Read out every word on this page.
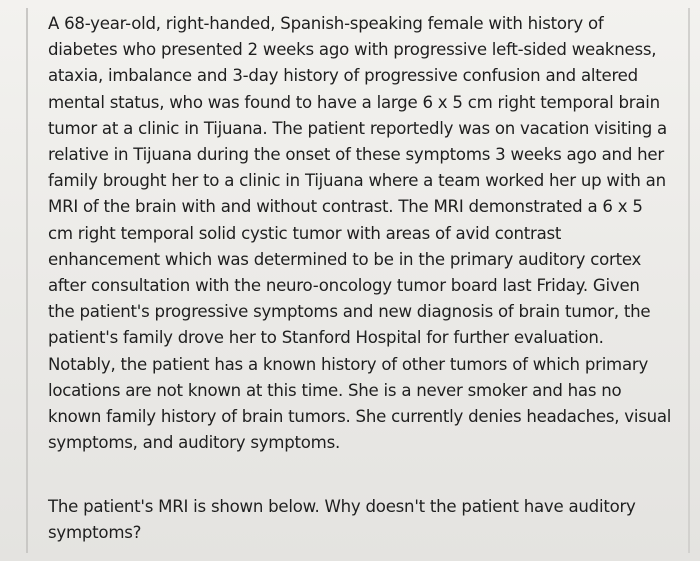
A 68-year-old, right-handed, Spanish-speaking female with history of
diabetes who presented 2 weeks ago with progressive left-sided weakness,
ataxia, imbalance and 3-day history of progressive confusion and altered
mental status, who was found to have a large 6 x 5 cm right temporal brain
tumor at a clinic in Tijuana. The patient reportedly was on vacation visiting a
relative in Tijuana during the onset of these symptoms 3 weeks ago and her
family brought her to a clinic in Tijuana where a team worked her up with an
MRI of the brain with and without contrast. The MRI demonstrated a 6 x 5
cm right temporal solid cystic tumor with areas of avid contrast
enhancement which was determined to be in the primary auditory cortex
after consultation with the neuro-oncology tumor board last Friday. Given
the patient's progressive symptoms and new diagnosis of brain tumor, the
patient's family drove her to Stanford Hospital for further evaluation.
Notably, the patient has a known history of other tumors of which primary
locations are not known at this time. She is a never smoker and has no
known family history of brain tumors. She currently denies headaches, visual
symptoms, and auditory symptoms.

The patient's MRI is shown below. Why doesn't the patient have auditory
symptoms?
